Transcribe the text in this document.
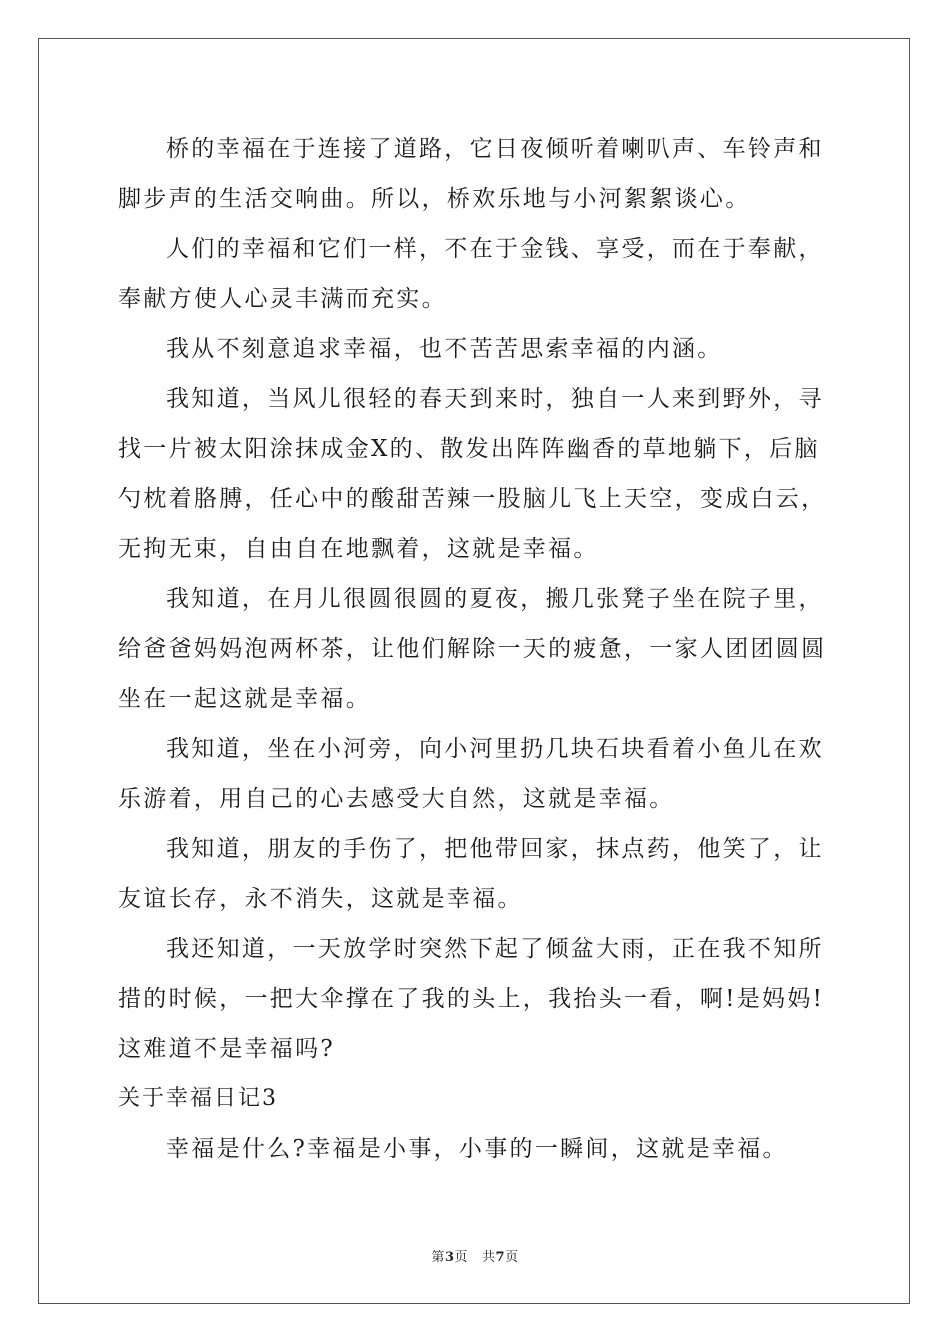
桥的幸福在于连接了道路，它日夜倾听着喇叭声、车铃声和脚步声的生活交响曲。所以，桥欢乐地与小河絮絮谈心。

人们的幸福和它们一样，不在于金钱、享受，而在于奉献，奉献方使人心灵丰满而充实。

我从不刻意追求幸福，也不苦苦思索幸福的内涵。

我知道，当风儿很轻的春天到来时，独自一人来到野外，寻找一片被太阳涂抹成金X的、散发出阵阵幽香的草地躺下，后脑勺枕着胳膊，任心中的酸甜苦辣一股脑儿飞上天空，变成白云，无拘无束，自由自在地飘着，这就是幸福。

我知道，在月儿很圆很圆的夏夜，搬几张凳子坐在院子里，给爸爸妈妈泡两杯茶，让他们解除一天的疲惫，一家人团团圆圆坐在一起这就是幸福。

我知道，坐在小河旁，向小河里扔几块石块看着小鱼儿在欢乐游着，用自己的心去感受大自然，这就是幸福。

我知道，朋友的手伤了，把他带回家，抹点药，他笑了，让友谊长存，永不消失，这就是幸福。

我还知道，一天放学时突然下起了倾盆大雨，正在我不知所措的时候，一把大伞撑在了我的头上，我抬头一看，啊!是妈妈!这难道不是幸福吗?

关于幸福日记3

幸福是什么?幸福是小事，小事的一瞬间，这就是幸福。

第3页 共7页
